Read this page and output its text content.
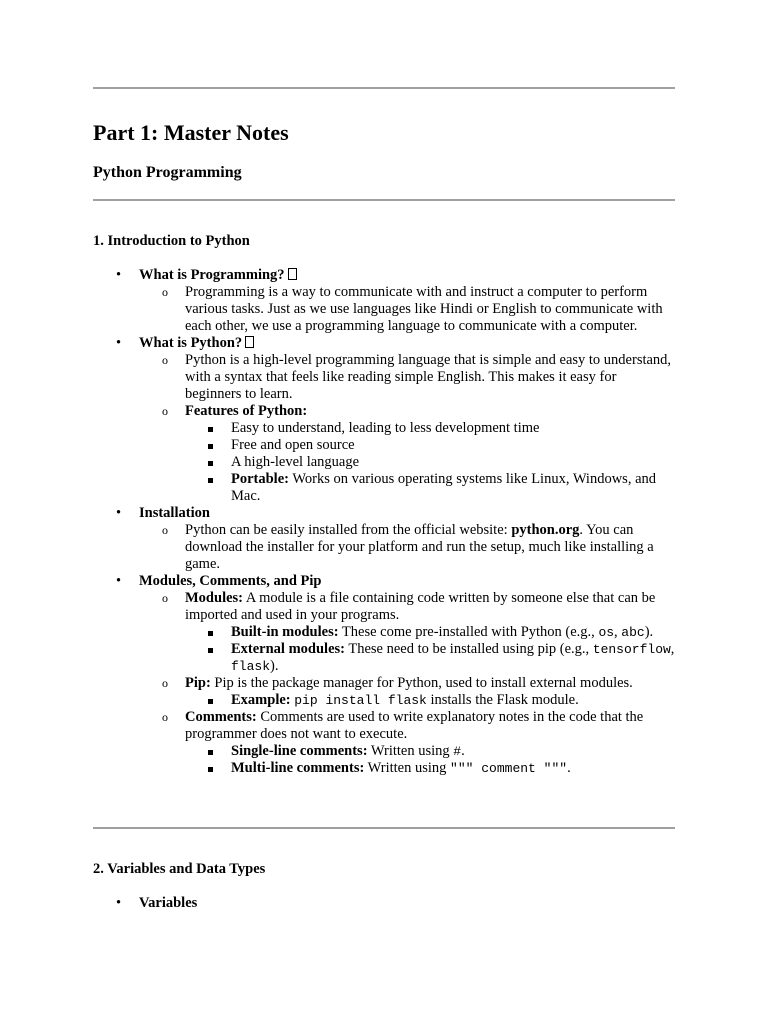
Part 1: Master Notes
Python Programming
1. Introduction to Python
• What is Programming?
o Programming is a way to communicate with and instruct a computer to perform various tasks. Just as we use languages like Hindi or English to communicate with each other, we use a programming language to communicate with a computer.
• What is Python?
o Python is a high-level programming language that is simple and easy to understand, with a syntax that feels like reading simple English. This makes it easy for beginners to learn.
o Features of Python:
Easy to understand, leading to less development time
Free and open source
A high-level language
Portable: Works on various operating systems like Linux, Windows, and Mac.
• Installation
o Python can be easily installed from the official website: python.org. You can download the installer for your platform and run the setup, much like installing a game.
• Modules, Comments, and Pip
o Modules: A module is a file containing code written by someone else that can be imported and used in your programs.
Built-in modules: These come pre-installed with Python (e.g., os, abc).
External modules: These need to be installed using pip (e.g., tensorflow, flask).
o Pip: Pip is the package manager for Python, used to install external modules.
Example: pip install flask installs the Flask module.
o Comments: Comments are used to write explanatory notes in the code that the programmer does not want to execute.
Single-line comments: Written using #.
Multi-line comments: Written using """ comment """.
2. Variables and Data Types
• Variables
